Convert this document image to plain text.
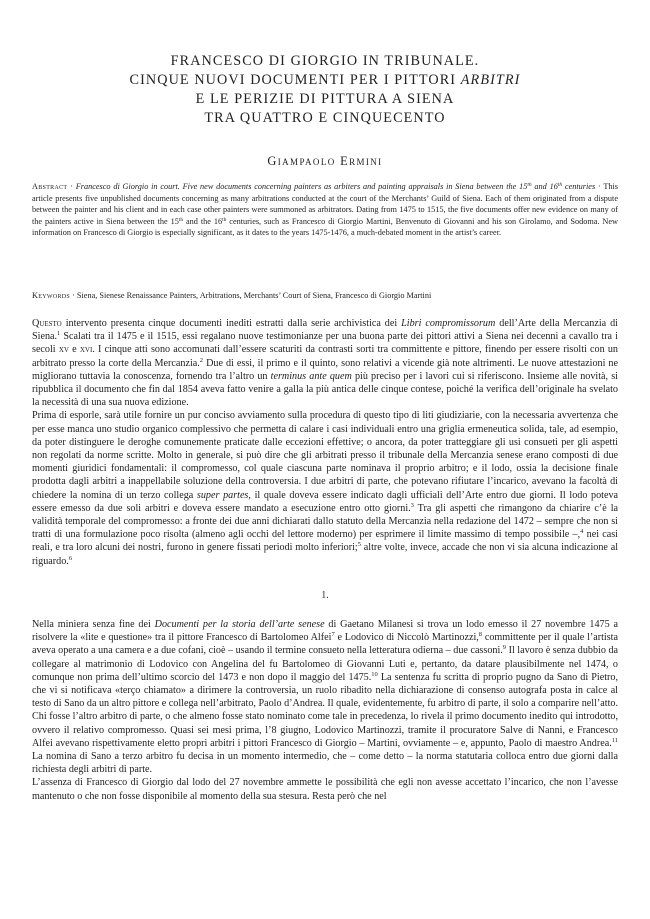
FRANCESCO DI GIORGIO IN TRIBUNALE.
CINQUE NUOVI DOCUMENTI PER I PITTORI ARBITRI
E LE PERIZIE DI PITTURA A SIENA
TRA QUATTRO E CINQUECENTO
Giampaolo Ermini
Abstract · Francesco di Giorgio in court. Five new documents concerning painters as arbiters and painting appraisals in Siena between the 15th and 16th centuries · This article presents five unpublished documents concerning as many arbitrations conducted at the court of the Merchants’ Guild of Siena. Each of them originated from a dispute between the painter and his client and in each case other painters were summoned as arbitrators. Dating from 1475 to 1515, the five documents offer new evidence on many of the painters active in Siena between the 15th and the 16th centuries, such as Francesco di Giorgio Martini, Benvenuto di Giovanni and his son Girolamo, and Sodoma. New information on Francesco di Giorgio is especially significant, as it dates to the years 1475-1476, a much-debated moment in the artist’s career.
Keywords · Siena, Sienese Renaissance Painters, Arbitrations, Merchants’ Court of Siena, Francesco di Giorgio Martini

Questo intervento presenta cinque documenti inediti estratti dalla serie archivistica dei Libri compromissorum dell’Arte della Mercanzia di Siena.$^1$ Scalati tra il 1475 e il 1515, essi regalano nuove testimonianze per una buona parte dei pittori attivi a Siena nei decenni a cavallo tra i secoli xv e xvi. I cinque atti sono accomunati dall’essere scaturiti da contrasti sorti tra committente e pittore, finendo per essere risolti con un arbitrato presso la corte della Mercanzia.$^2$ Due di essi, il primo e il quinto, sono relativi a vicende già note altrimenti. Le nuove attestazioni ne migliorano tuttavia la conoscenza, fornendo tra l’altro un terminus ante quem più preciso per i lavori cui si riferiscono. Insieme alle novità, si ripubblica il documento che fin dal 1854 aveva fatto venire a galla la più antica delle cinque contese, poiché la verifica dell’originale ha svelato la necessità di una sua nuova edizione.

Prima di esporle, sarà utile fornire un pur conciso avviamento sulla procedura di questo tipo di liti giudiziarie, con la necessaria avvertenza che per esse manca uno studio organico complessivo che permetta di calare i casi individuali entro una griglia ermeneutica solida, tale, ad esempio, da poter distinguere le deroghe comunemente praticate dalle eccezioni effettive; o ancora, da poter tratteggiare gli usi consueti per gli aspetti non regolati da norme scritte. Molto in generale, si può dire che gli arbitrati presso il tribunale della Mercanzia senese erano composti di due momenti giuridici fondamentali: il compromesso, col quale ciascuna parte nominava il proprio arbitro; e il lodo, ossia la decisione finale prodotta dagli arbitri a inappellabile soluzione della controversia. I due arbitri di parte, che potevano rifiutare l’incarico, avevano la facoltà di chiedere la nomina di un terzo collega super partes, il quale doveva essere indicato dagli ufficiali dell’Arte entro due giorni. Il lodo poteva essere emesso da due soli arbitri e doveva essere mandato a esecuzione entro otto giorni.$^3$ Tra gli aspetti che rimangono da chiarire c’è la validità temporale del compromesso: a fronte dei due anni dichiarati dallo statuto della Mercanzia nella redazione del 1472 – sempre che non si tratti di una formulazione poco risolta (almeno agli occhi del lettore moderno) per esprimere il limite massimo di tempo possibile –,$^4$ nei casi reali, e tra loro alcuni dei nostri, furono in genere fissati periodi molto inferiori;$^5$ altre volte, invece, accade che non vi sia alcuna indicazione al riguardo.$^6$

1.

Nella miniera senza fine dei Documenti per la storia dell’arte senese di Gaetano Milanesi si trova un lodo emesso il 27 novembre 1475 a risolvere la «lite e questione» tra il pittore Francesco di Bartolomeo Alfei$^7$ e Lodovico di Niccolò Martinozzi,$^8$ committente per il quale l’artista aveva operato a una camera e a due cofani, cioè – usando il termine consueto nella letteratura odierna – due cassoni.$^9$ Il lavoro è senza dubbio da collegare al matrimonio di Lodovico con Angelina del fu Bartolomeo di Giovanni Luti e, pertanto, da datare plausibilmente nel 1474, o comunque non prima dell’ultimo scorcio del 1473 e non dopo il maggio del 1475.10 La sentenza fu scritta di proprio pugno da Sano di Pietro, che vi si notificava «terço chiamato» a dirimere la controversia, un ruolo ribadito nella dichiarazione di consenso autografa posta in calce al testo di Sano da un altro pittore e collega nell’arbitrato, Paolo d’Andrea. Il quale, evidentemente, fu arbitro di parte, il solo a comparire nell’atto. Chi fosse l’altro arbitro di parte, o che almeno fosse stato nominato come tale in precedenza, lo rivela il primo documento inedito qui introdotto, ovvero il relativo compromesso. Quasi sei mesi prima, l’8 giugno, Lodovico Martinozzi, tramite il procuratore Salve di Nanni, e Francesco Alfei avevano rispettivamente eletto propri arbitri i pittori Francesco di Giorgio – Martini, ovviamente – e, appunto, Paolo di maestro Andrea.$^{11}$ La nomina di Sano a terzo arbitro fu decisa in un momento intermedio, che – come detto – la norma statutaria colloca entro due giorni dalla richiesta degli arbitri di parte.

L’assenza di Francesco di Giorgio dal lodo del 27 novembre ammette le possibilità che egli non avesse accettato l’incarico, che non l’avesse mantenuto o che non fosse disponibile al momento della sua stesura. Resta però che nel
